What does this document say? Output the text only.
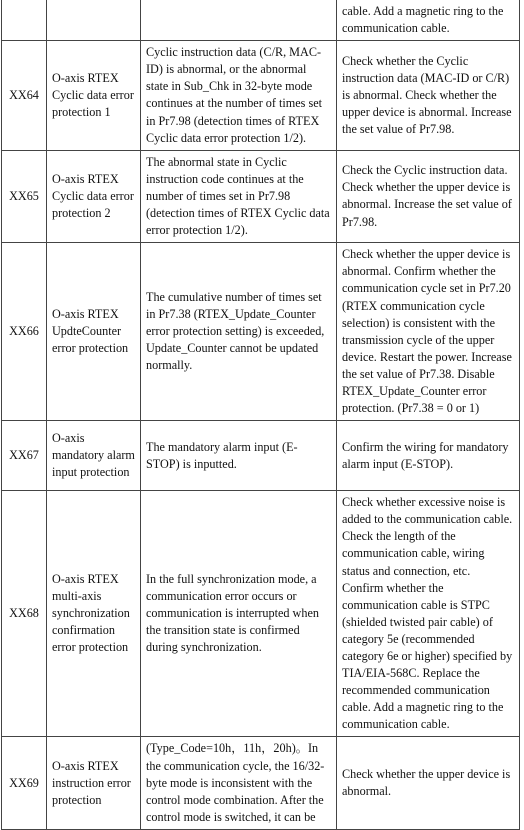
			cable. Add a magnetic ring to the communication cable.
XX64	O-axis RTEX Cyclic data error protection 1	Cyclic instruction data (C/R, MAC-ID) is abnormal, or the abnormal state in Sub_Chk in 32-byte mode continues at the number of times set in Pr7.98 (detection times of RTEX Cyclic data error protection 1/2).	Check whether the Cyclic instruction data (MAC-ID or C/R) is abnormal. Check whether the upper device is abnormal. Increase the set value of Pr7.98.
XX65	O-axis RTEX Cyclic data error protection 2	The abnormal state in Cyclic instruction code continues at the number of times set in Pr7.98 (detection times of RTEX Cyclic data error protection 1/2).	Check the Cyclic instruction data. Check whether the upper device is abnormal. Increase the set value of Pr7.98.
XX66	O-axis RTEX UpdteCounter error protection	The cumulative number of times set in Pr7.38 (RTEX_Update_Counter error protection setting) is exceeded, Update_Counter cannot be updated normally.	Check whether the upper device is abnormal. Confirm whether the communication cycle set in Pr7.20 (RTEX communication cycle selection) is consistent with the transmission cycle of the upper device. Restart the power. Increase the set value of Pr7.38. Disable RTEX_Update_Counter error protection. (Pr7.38 = 0 or 1)
XX67	O-axis mandatory alarm input protection	The mandatory alarm input (E-STOP) is inputted.	Confirm the wiring for mandatory alarm input (E-STOP).
XX68	O-axis RTEX multi-axis synchronization confirmation error protection	In the full synchronization mode, a communication error occurs or communication is interrupted when the transition state is confirmed during synchronization.	Check whether excessive noise is added to the communication cable. Check the length of the communication cable, wiring status and connection, etc. Confirm whether the communication cable is STPC (shielded twisted pair cable) of category 5e (recommended category 6e or higher) specified by TIA/EIA-568C. Replace the recommended communication cable. Add a magnetic ring to the communication cable.
XX69	O-axis RTEX instruction error protection	(Type_Code=10h，11h，20h)。In the communication cycle, the 16/32-byte mode is inconsistent with the control mode combination. After the control mode is switched, it can be	Check whether the upper device is abnormal.
